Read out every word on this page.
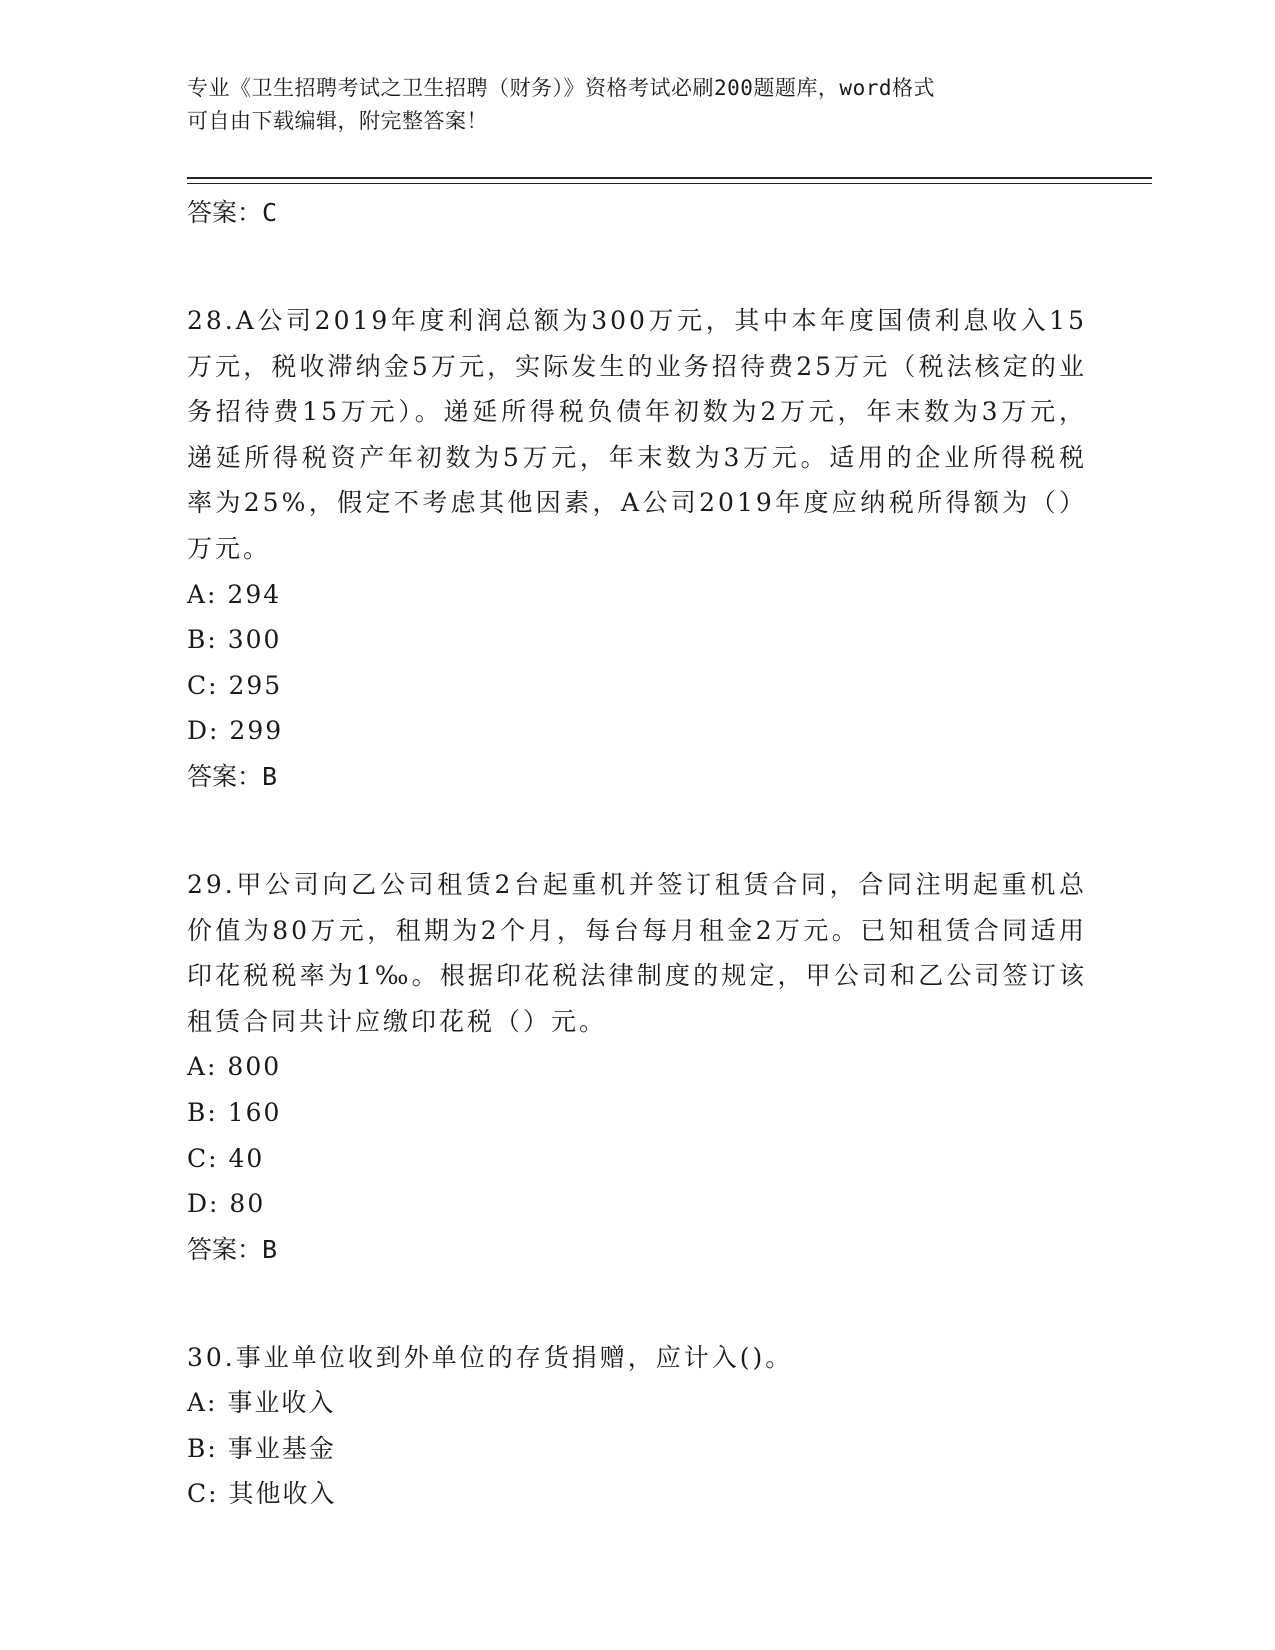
专业《卫生招聘考试之卫生招聘（财务）》资格考试必刷200题题库，word格式
可自由下载编辑，附完整答案！
答案：C
28.A公司2019年度利润总额为300万元，其中本年度国债利息收入15万元，税收滞纳金5万元，实际发生的业务招待费25万元（税法核定的业务招待费15万元）。递延所得税负债年初数为2万元，年末数为3万元，递延所得税资产年初数为5万元，年末数为3万元。适用的企业所得税税率为25%，假定不考虑其他因素，A公司2019年度应纳税所得额为（）万元。
A: 294
B: 300
C: 295
D: 299
答案：B
29.甲公司向乙公司租赁2台起重机并签订租赁合同，合同注明起重机总价值为80万元，租期为2个月，每台每月租金2万元。已知租赁合同适用印花税税率为1‰。根据印花税法律制度的规定，甲公司和乙公司签订该租赁合同共计应缴印花税（）元。
A: 800
B: 160
C: 40
D: 80
答案：B
30.事业单位收到外单位的存货捐赠，应计入()。
A: 事业收入
B: 事业基金
C: 其他收入
